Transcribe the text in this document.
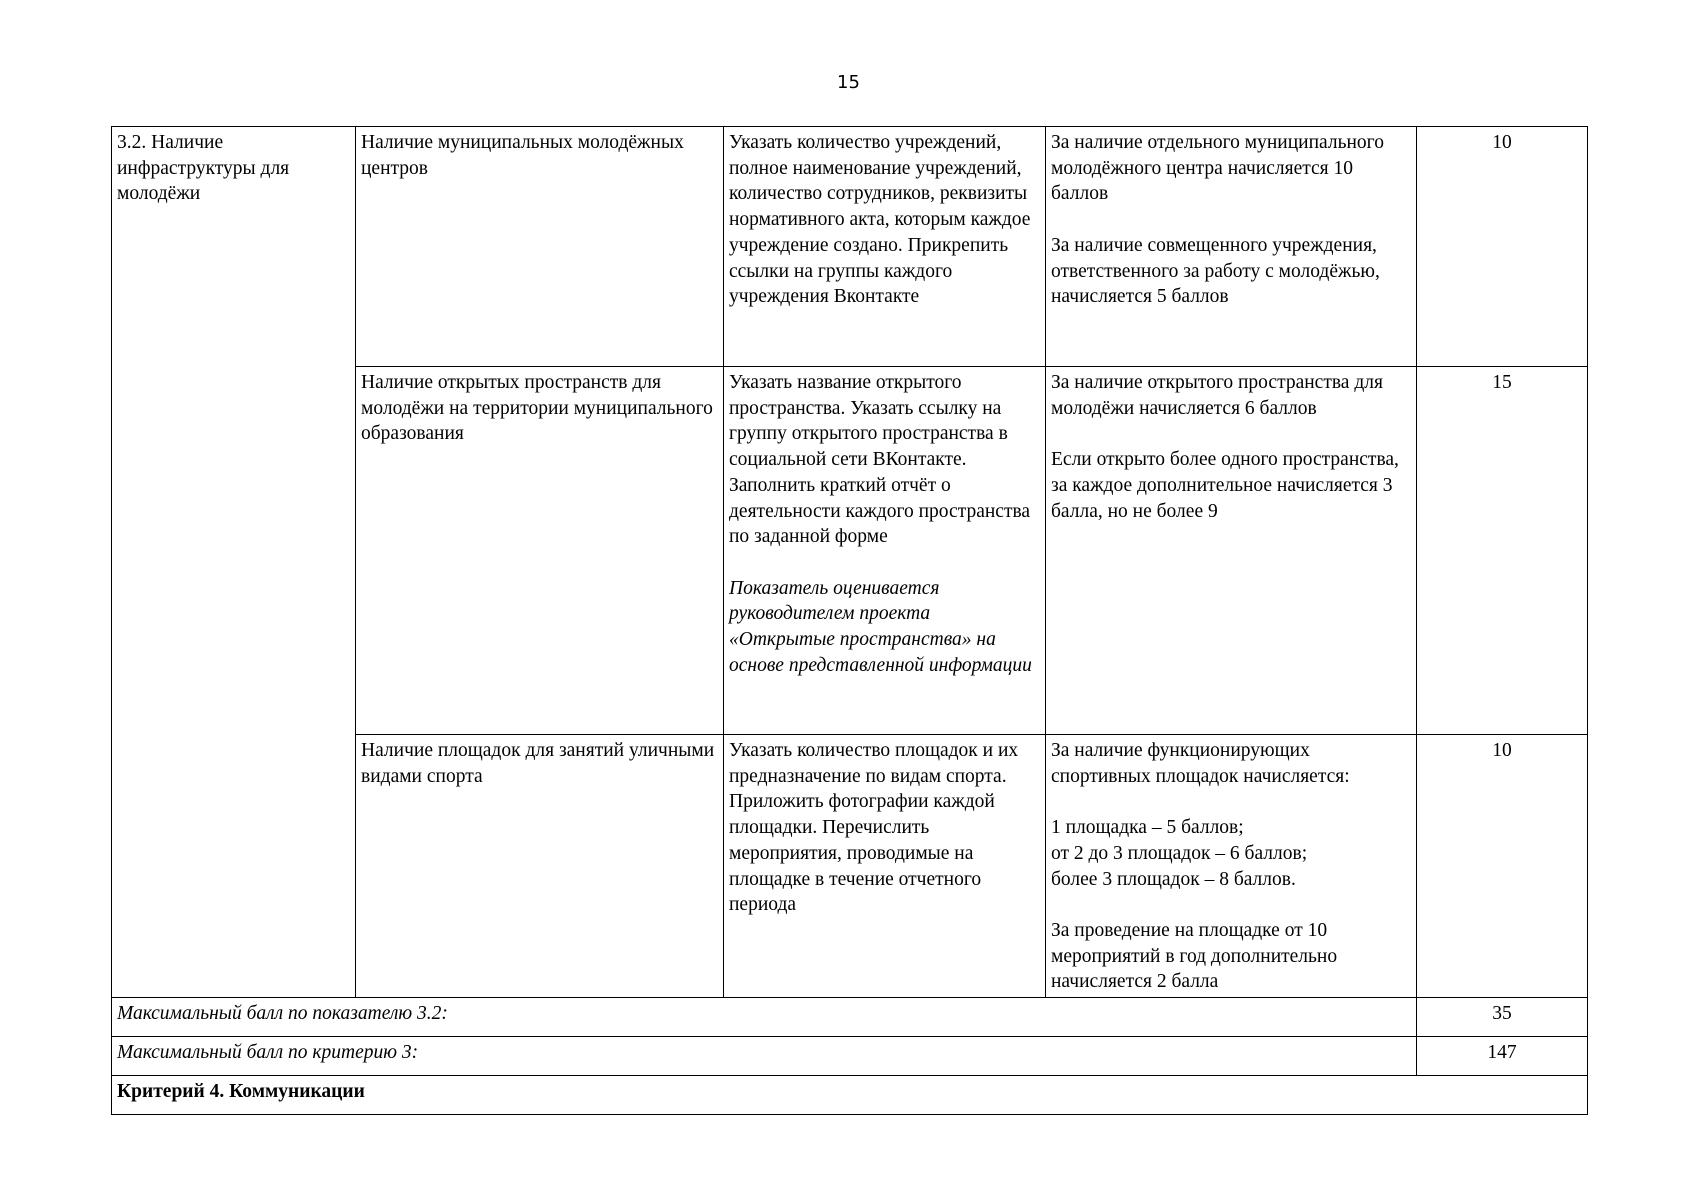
15
3.2. Наличие инфраструктуры для молодёжи	Наличие муниципальных молодёжных центров	Указать количество учреждений, полное наименование учреждений, количество сотрудников, реквизиты нормативного акта, которым каждое учреждение создано. Прикрепить ссылки на группы каждого учреждения Вконтакте	За наличие отдельного муниципального молодёжного центра начисляется 10 баллов
За наличие совмещенного учреждения, ответственного за работу с молодёжью, начисляется 5 баллов	10
	Наличие открытых пространств для молодёжи на территории муниципального образования	Указать название открытого пространства. Указать ссылку на группу открытого пространства в социальной сети ВКонтакте. Заполнить краткий отчёт о деятельности каждого пространства по заданной форме
Показатель оценивается руководителем проекта «Открытые пространства» на основе представленной информации	За наличие открытого пространства для молодёжи начисляется 6 баллов
Если открыто более одного пространства, за каждое дополнительное начисляется 3 балла, но не более 9	15
	Наличие площадок для занятий уличными видами спорта	Указать количество площадок и их предназначение по видам спорта. Приложить фотографии каждой площадки. Перечислить мероприятия, проводимые на площадке в течение отчетного периода	За наличие функционирующих спортивных площадок начисляется:
1 площадка – 5 баллов;
от 2 до 3 площадок – 6 баллов;
более 3 площадок – 8 баллов.
За проведение на площадке от 10 мероприятий в год дополнительно начисляется 2 балла	10
Максимальный балл по показателю 3.2:				35
Максимальный балл по критерию 3:				147
Критерий 4. Коммуникации				
